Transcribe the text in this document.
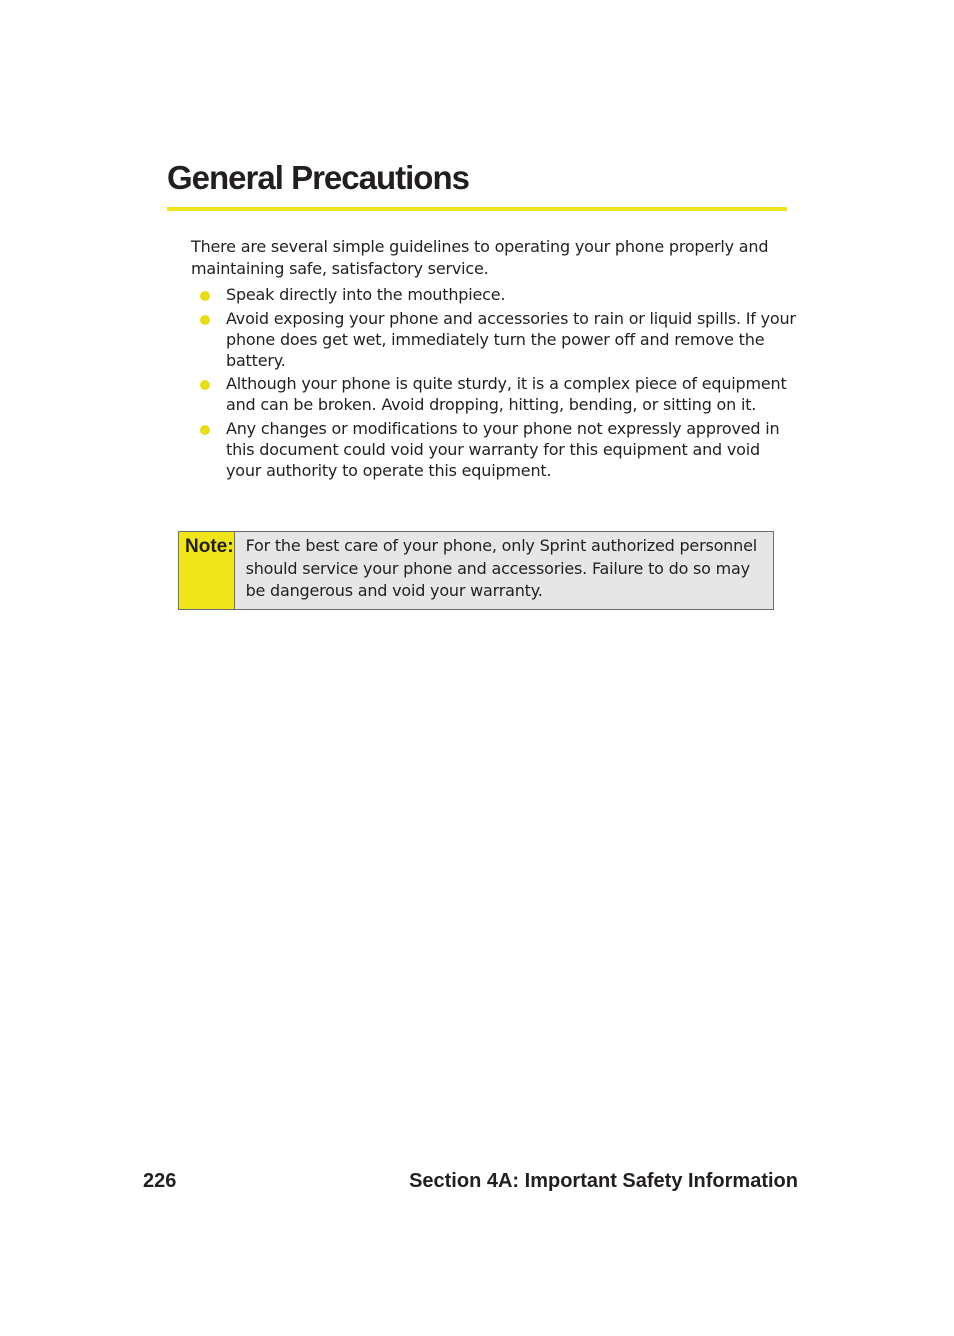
General Precautions

There are several simple guidelines to operating your phone properly and maintaining safe, satisfactory service.

Speak directly into the mouthpiece.
Avoid exposing your phone and accessories to rain or liquid spills. If your phone does get wet, immediately turn the power off and remove the battery.
Although your phone is quite sturdy, it is a complex piece of equipment and can be broken. Avoid dropping, hitting, bending, or sitting on it.
Any changes or modifications to your phone not expressly approved in this document could void your warranty for this equipment and void your authority to operate this equipment.
Note: For the best care of your phone, only Sprint authorized personnel should service your phone and accessories. Failure to do so may be dangerous and void your warranty.
226	Section 4A: Important Safety Information
